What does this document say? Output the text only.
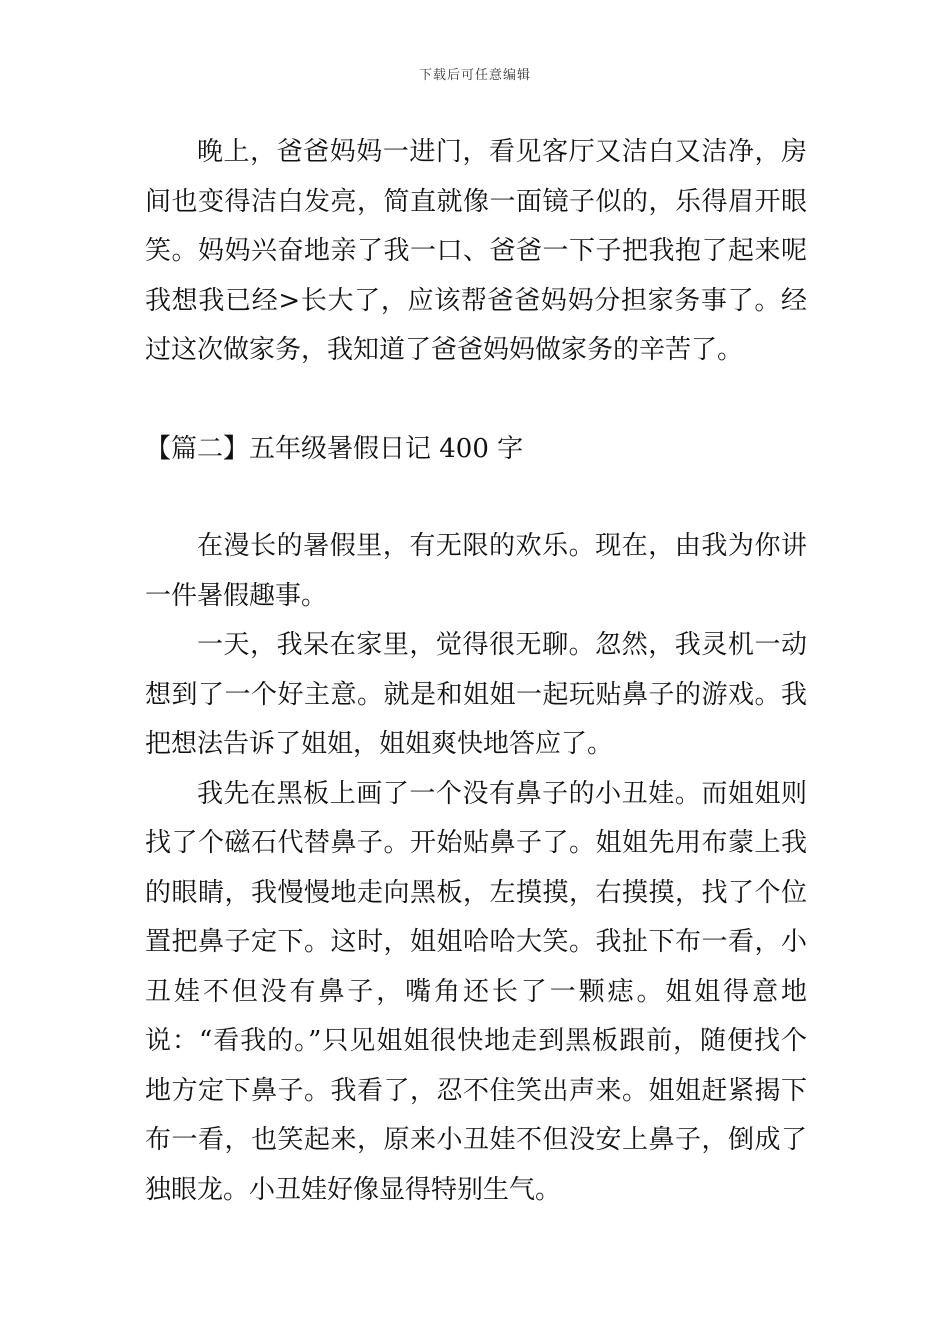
下载后可任意编辑

晚上，爸爸妈妈一进门，看见客厅又洁白又洁净，房间也变得洁白发亮，简直就像一面镜子似的，乐得眉开眼笑。妈妈兴奋地亲了我一口、爸爸一下子把我抱了起来呢我想我已经>长大了，应该帮爸爸妈妈分担家务事了。经过这次做家务，我知道了爸爸妈妈做家务的辛苦了。

【篇二】五年级暑假日记 400 字

在漫长的暑假里，有无限的欢乐。现在，由我为你讲一件暑假趣事。

一天，我呆在家里，觉得很无聊。忽然，我灵机一动想到了一个好主意。就是和姐姐一起玩贴鼻子的游戏。我把想法告诉了姐姐，姐姐爽快地答应了。

我先在黑板上画了一个没有鼻子的小丑娃。而姐姐则找了个磁石代替鼻子。开始贴鼻子了。姐姐先用布蒙上我的眼睛，我慢慢地走向黑板，左摸摸，右摸摸，找了个位置把鼻子定下。这时，姐姐哈哈大笑。我扯下布一看，小丑娃不但没有鼻子，嘴角还长了一颗痣。姐姐得意地说：“看我的。”只见姐姐很快地走到黑板跟前，随便找个地方定下鼻子。我看了，忍不住笑出声来。姐姐赶紧揭下布一看，也笑起来，原来小丑娃不但没安上鼻子，倒成了独眼龙。小丑娃好像显得特别生气。
